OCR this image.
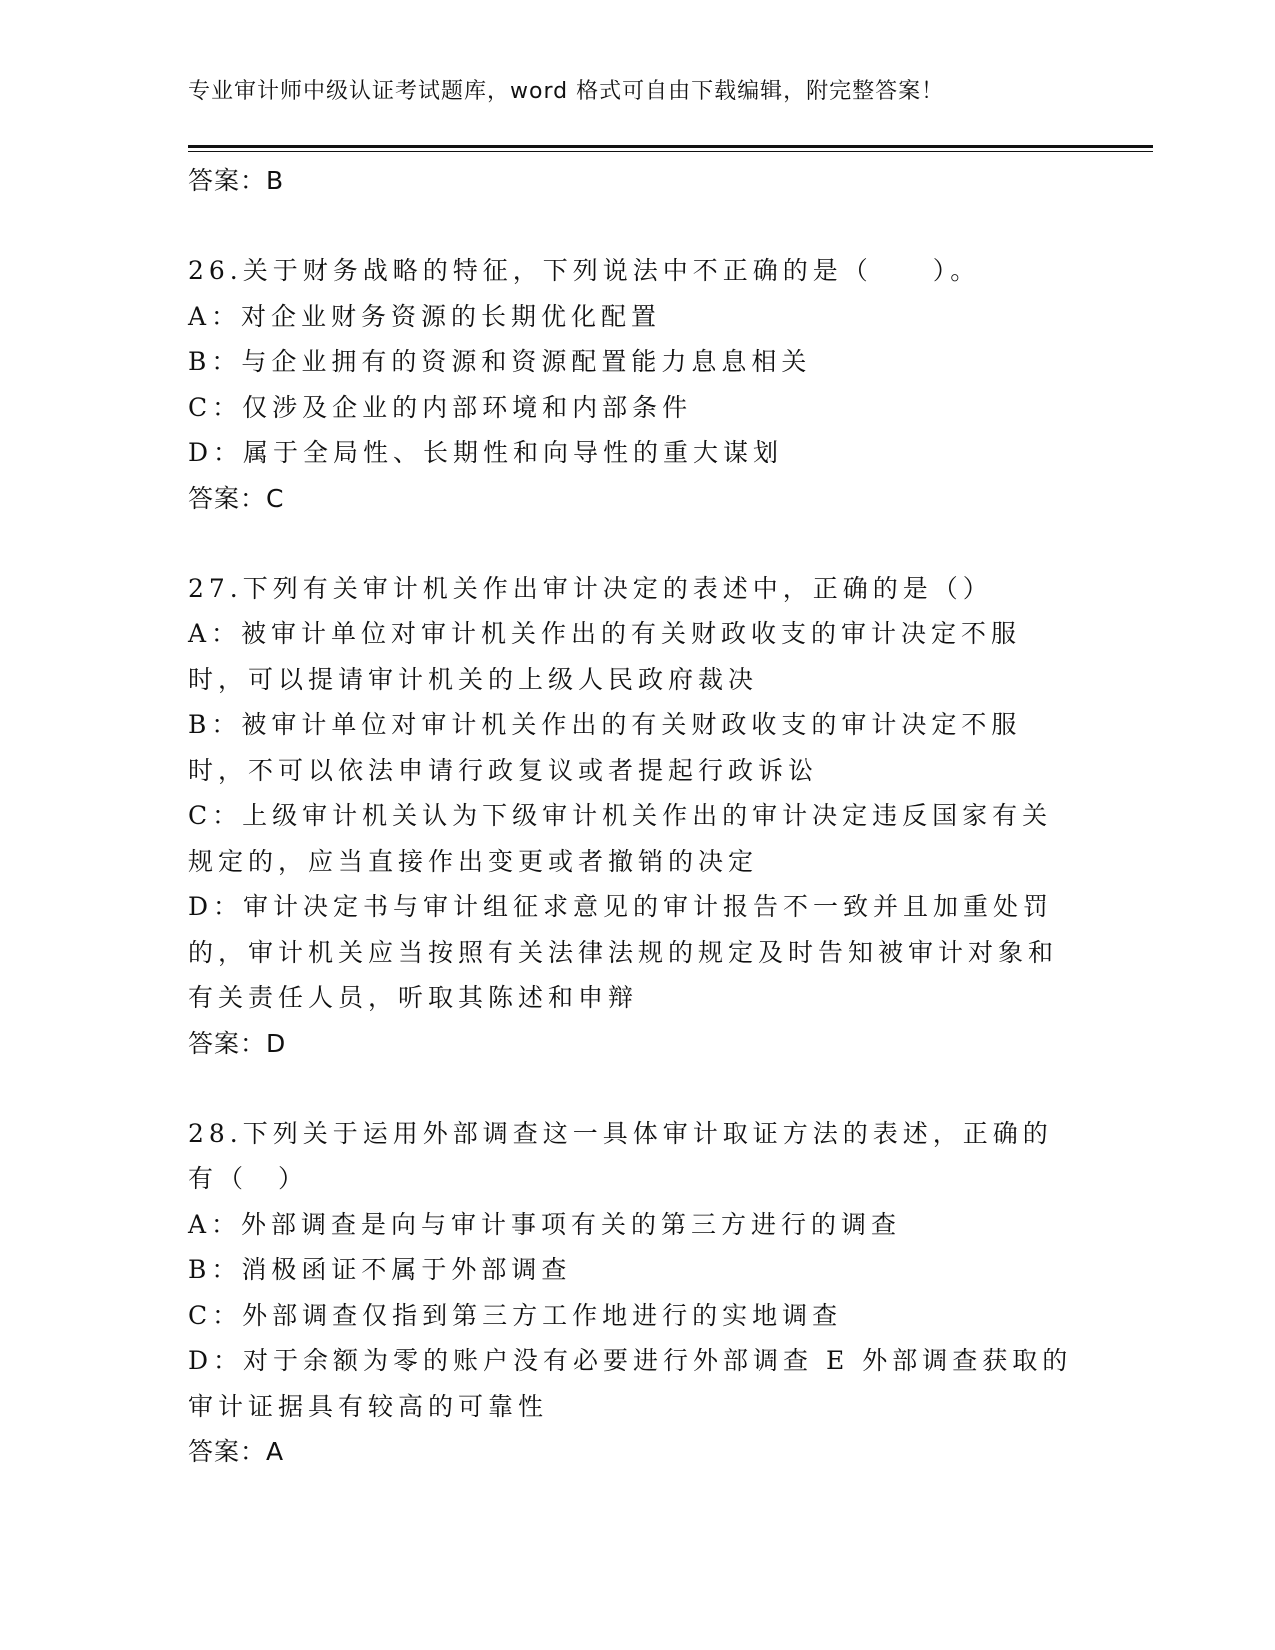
专业审计师中级认证考试题库，word 格式可自由下载编辑，附完整答案！
答案：B
26.关于财务战略的特征，下列说法中不正确的是（　　）。
A：对企业财务资源的长期优化配置
B：与企业拥有的资源和资源配置能力息息相关
C：仅涉及企业的内部环境和内部条件
D：属于全局性、长期性和向导性的重大谋划
答案：C
27.下列有关审计机关作出审计决定的表述中，正确的是（）
A：被审计单位对审计机关作出的有关财政收支的审计决定不服时，可以提请审计机关的上级人民政府裁决
B：被审计单位对审计机关作出的有关财政收支的审计决定不服时，不可以依法申请行政复议或者提起行政诉讼
C：上级审计机关认为下级审计机关作出的审计决定违反国家有关规定的，应当直接作出变更或者撤销的决定
D：审计决定书与审计组征求意见的审计报告不一致并且加重处罚的，审计机关应当按照有关法律法规的规定及时告知被审计对象和有关责任人员，听取其陈述和申辩
答案：D
28.下列关于运用外部调查这一具体审计取证方法的表述，正确的有（　）
A：外部调查是向与审计事项有关的第三方进行的调查
B：消极函证不属于外部调查
C：外部调查仅指到第三方工作地进行的实地调查
D：对于余额为零的账户没有必要进行外部调查 E 外部调查获取的审计证据具有较高的可靠性
答案：A
